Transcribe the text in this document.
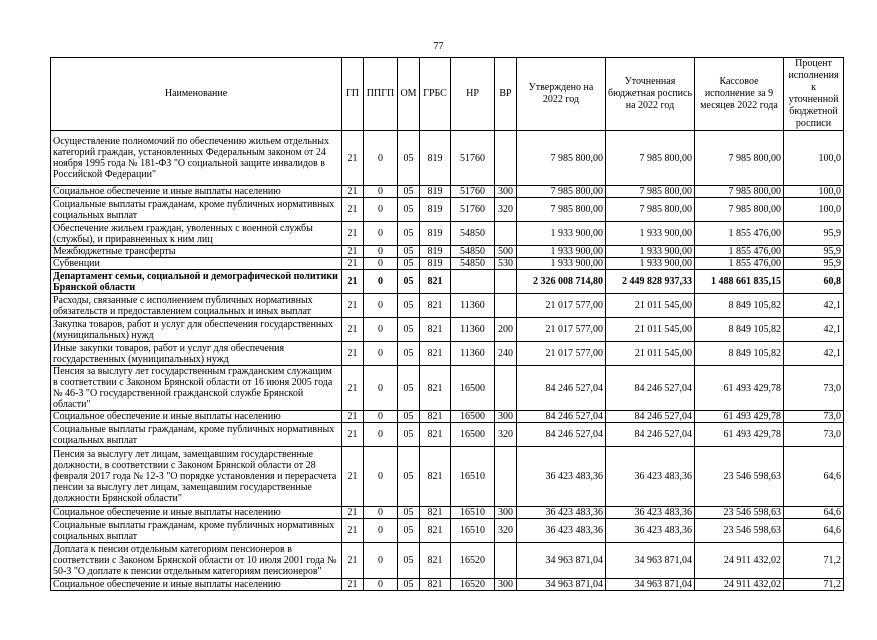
77
Наименование	ГП	ППГП	ОМ	ГРБС	НР	ВР	Утверждено на 2022 год	Уточненная бюджетная роспись на 2022 год	Кассовое исполнение за 9 месяцев 2022 года	Процент исполнения к уточненной бюджетной росписи
Осуществление полномочий по обеспечению жильем отдельных категорий граждан, установленных Федеральным законом от 24 ноября 1995 года № 181-ФЗ "О социальной защите инвалидов в Российской Федерации"	21	0	05	819	51760		7 985 800,00	7 985 800,00	7 985 800,00	100,0
Социальное обеспечение и иные выплаты населению	21	0	05	819	51760	300	7 985 800,00	7 985 800,00	7 985 800,00	100,0
Социальные выплаты гражданам, кроме публичных нормативных социальных выплат	21	0	05	819	51760	320	7 985 800,00	7 985 800,00	7 985 800,00	100,0
Обеспечение жильем граждан, уволенных с военной службы (службы), и приравненных к ним лиц	21	0	05	819	54850		1 933 900,00	1 933 900,00	1 855 476,00	95,9
Межбюджетные трансферты	21	0	05	819	54850	500	1 933 900,00	1 933 900,00	1 855 476,00	95,9
Субвенции	21	0	05	819	54850	530	1 933 900,00	1 933 900,00	1 855 476,00	95,9
Департамент семьи, социальной и демографической политики Брянской области	21	0	05	821			2 326 008 714,80	2 449 828 937,33	1 488 661 835,15	60,8
Расходы, связанные с исполнением публичных нормативных обязательств и предоставлением социальных и иных выплат	21	0	05	821	11360		21 017 577,00	21 011 545,00	8 849 105,82	42,1
Закупка товаров, работ и услуг для обеспечения государственных (муниципальных) нужд	21	0	05	821	11360	200	21 017 577,00	21 011 545,00	8 849 105,82	42,1
Иные закупки товаров, работ и услуг для обеспечения государственных (муниципальных) нужд	21	0	05	821	11360	240	21 017 577,00	21 011 545,00	8 849 105,82	42,1
Пенсия за выслугу лет государственным гражданским служащим в соответствии с Законом Брянской области от 16 июня 2005 года № 46-З "О государственной гражданской службе Брянской области"	21	0	05	821	16500		84 246 527,04	84 246 527,04	61 493 429,78	73,0
Социальное обеспечение и иные выплаты населению	21	0	05	821	16500	300	84 246 527,04	84 246 527,04	61 493 429,78	73,0
Социальные выплаты гражданам, кроме публичных нормативных социальных выплат	21	0	05	821	16500	320	84 246 527,04	84 246 527,04	61 493 429,78	73,0
Пенсия за выслугу лет лицам, замещавшим государственные должности, в соответствии с Законом Брянской области от 28 февраля 2017 года № 12-З "О порядке установления и перерасчета пенсии за выслугу лет лицам, замещавшим государственные должности Брянской области"	21	0	05	821	16510		36 423 483,36	36 423 483,36	23 546 598,63	64,6
Социальное обеспечение и иные выплаты населению	21	0	05	821	16510	300	36 423 483,36	36 423 483,36	23 546 598,63	64,6
Социальные выплаты гражданам, кроме публичных нормативных социальных выплат	21	0	05	821	16510	320	36 423 483,36	36 423 483,36	23 546 598,63	64,6
Доплата к пенсии отдельным категориям пенсионеров в соответствии с Законом Брянской области от 10 июля 2001 года № 50-З "О доплате к пенсии отдельным категориям пенсионеров"	21	0	05	821	16520		34 963 871,04	34 963 871,04	24 911 432,02	71,2
Социальное обеспечение и иные выплаты населению	21	0	05	821	16520	300	34 963 871,04	34 963 871,04	24 911 432,02	71,2
